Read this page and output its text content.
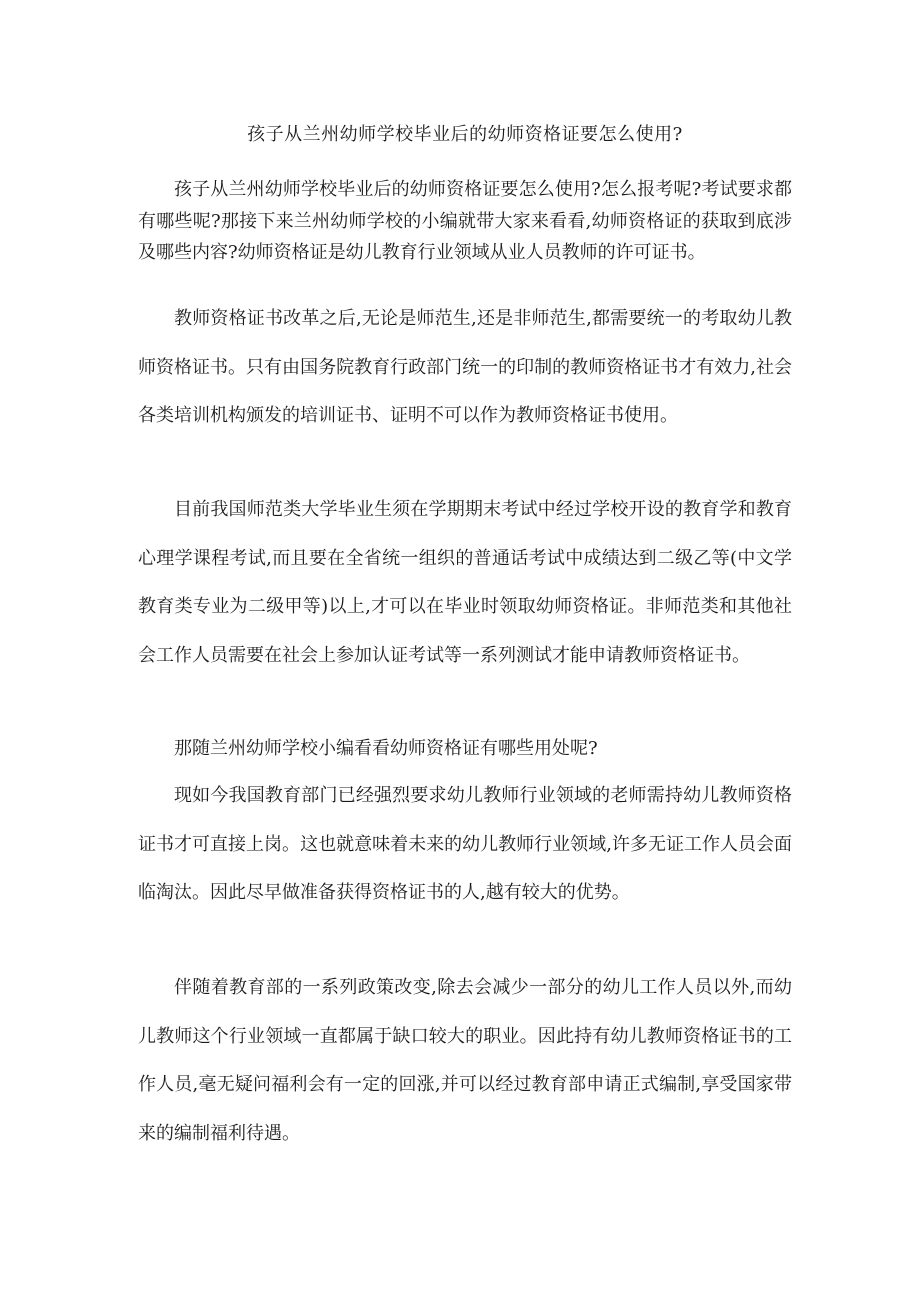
孩子从兰州幼师学校毕业后的幼师资格证要怎么使用?

孩子从兰州幼师学校毕业后的幼师资格证要怎么使用?怎么报考呢?考试要求都有哪些呢?那接下来兰州幼师学校的小编就带大家来看看,幼师资格证的获取到底涉及哪些内容?幼师资格证是幼儿教育行业领域从业人员教师的许可证书。

教师资格证书改革之后,无论是师范生,还是非师范生,都需要统一的考取幼儿教师资格证书。只有由国务院教育行政部门统一的印制的教师资格证书才有效力,社会各类培训机构颁发的培训证书、证明不可以作为教师资格证书使用。

目前我国师范类大学毕业生须在学期期末考试中经过学校开设的教育学和教育心理学课程考试,而且要在全省统一组织的普通话考试中成绩达到二级乙等(中文学教育类专业为二级甲等)以上,才可以在毕业时领取幼师资格证。非师范类和其他社会工作人员需要在社会上参加认证考试等一系列测试才能申请教师资格证书。

那随兰州幼师学校小编看看幼师资格证有哪些用处呢?

现如今我国教育部门已经强烈要求幼儿教师行业领域的老师需持幼儿教师资格证书才可直接上岗。这也就意味着未来的幼儿教师行业领域,许多无证工作人员会面临淘汰。因此尽早做准备获得资格证书的人,越有较大的优势。

伴随着教育部的一系列政策改变,除去会减少一部分的幼儿工作人员以外,而幼儿教师这个行业领域一直都属于缺口较大的职业。因此持有幼儿教师资格证书的工作人员,毫无疑问福利会有一定的回涨,并可以经过教育部申请正式编制,享受国家带来的编制福利待遇。
